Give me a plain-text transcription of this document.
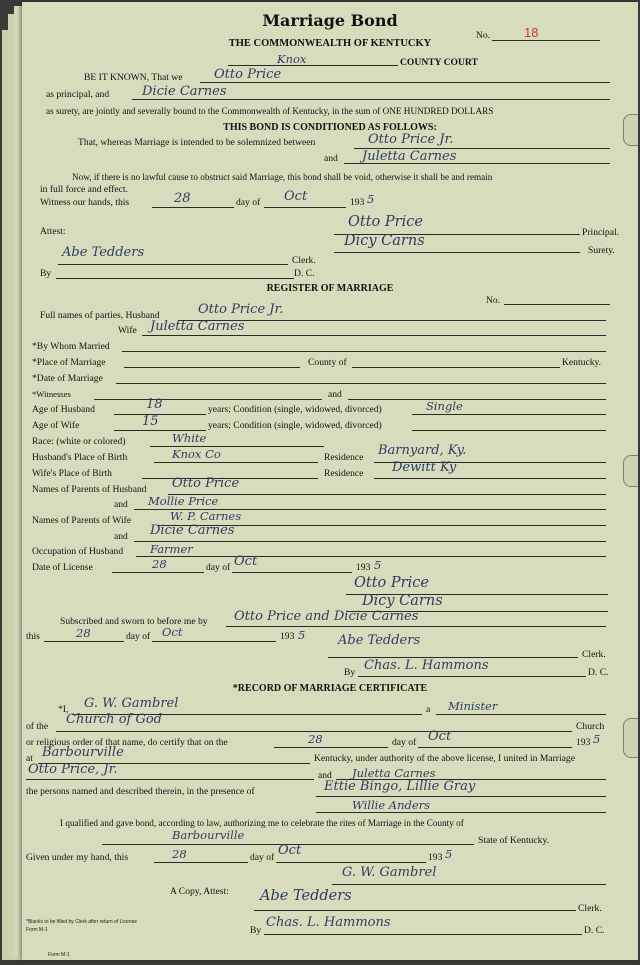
Marriage Bond
No.	18
THE COMMONWEALTH OF KENTUCKY
Knox	COUNTY COURT
BE IT KNOWN, That we Otto Price
as principal, and	Dicie Carnes
as surety, are jointly and severally bound to the Commonwealth of Kentucky, in the sum of ONE HUNDRED DOLLARS
THIS BOND IS CONDITIONED AS FOLLOWS:
That, whereas Marriage is intended to be solemnized between	Otto Price Jr.
and Juletta Carnes
Now, if there is no lawful cause to obstruct said Marriage, this bond shall be void, otherwise it shall be and remain
in full force and effect.
Witness our hands, this	28	day of Oct	193 5
Attest:
Otto Price
Principal.
Dicy Carns
Surety.
Abe Tedders
Clerk.
By	D. C.
REGISTER OF MARRIAGE
No.
Full names of parties, Husband	Otto Price Jr.
Wife Juletta Carnes
*By Whom Married
*Place of Marriage	County of	Kentucky.
*Date of Marriage
*Witnesses	and
Age of Husband	18	years; Condition (single, widowed, divorced)	Single
Age of Wife	15	years; Condition (single, widowed, divorced)
Race: (white or colored)	White
Husband's Place of Birth	Knox Co	Residence Barnyard, Ky.
Wife's Place of Birth	Residence Dewitt Ky
Names of Parents of Husband Otto Price
and Mollie Price
Names of Parents of Wife	W. P. Carnes
and Dicie Carnes
Occupation of Husband Farmer
Date of License	28	day of Oct	193 5
Otto Price
Dicy Carns
Subscribed and sworn to before me by Otto Price and Dicie Carnes
this	28	day of Oct	193 5	Abe Tedders
Clerk.
By Chas. L. Hammons	D. C.
*RECORD OF MARRIAGE CERTIFICATE
*I, G. W. Gambrel	a Minister
of the Church of God	Church
or religious order of that name, do certify that on the	28	day of Oct	193 5
at Barbourville	Kentucky, under authority of the above license, I united in Marriage
Otto Price, Jr.	and Juletta Carnes
the persons named and described therein, in the presence of	Ettie Bingo, Lillie Gray
Willie Anders
I qualified and gave bond, according to law, authorizing me to celebrate the rites of Marriage in the County of
Barbourville	State of Kentucky.
Given under my hand, this	28	day of Oct	193 5
G. W. Gambrel
A Copy, Attest: Abe Tedders
Clerk.
By
Chas. L. Hammons
D. C.
*Blanks to be filled by Clerk after return of License
Form M-1
Form M-1
